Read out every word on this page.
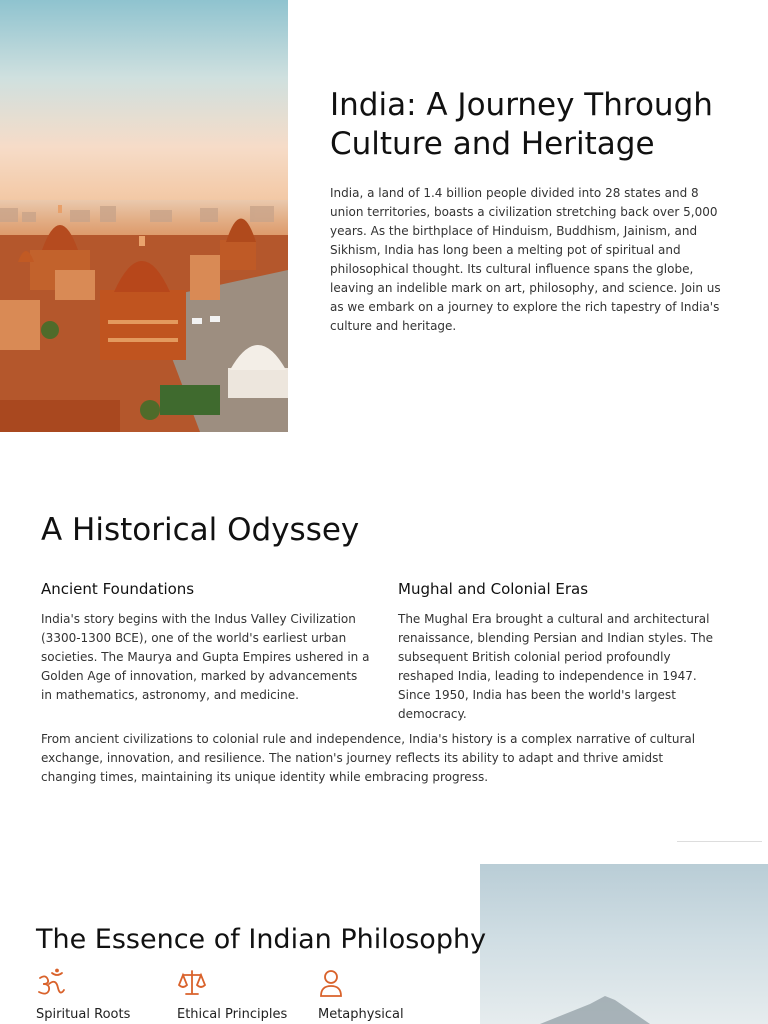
India: A Journey Through Culture and Heritage

India, a land of 1.4 billion people divided into 28 states and 8 union territories, boasts a civilization stretching back over 5,000 years. As the birthplace of Hinduism, Buddhism, Jainism, and Sikhism, India has long been a melting pot of spiritual and philosophical thought. Its cultural influence spans the globe, leaving an indelible mark on art, philosophy, and science. Join us as we embark on a journey to explore the rich tapestry of India's culture and heritage.

A Historical Odyssey
Ancient Foundations

India's story begins with the Indus Valley Civilization (3300-1300 BCE), one of the world's earliest urban societies. The Maurya and Gupta Empires ushered in a Golden Age of innovation, marked by advancements in mathematics, astronomy, and medicine.

Mughal and Colonial Eras

The Mughal Era brought a cultural and architectural renaissance, blending Persian and Indian styles. The subsequent British colonial period profoundly reshaped India, leading to independence in 1947. Since 1950, India has been the world's largest democracy.

From ancient civilizations to colonial rule and independence, India's history is a complex narrative of cultural exchange, innovation, and resilience. The nation's journey reflects its ability to adapt and thrive amidst changing times, maintaining its unique identity while embracing progress.

The Essence of Indian Philosophy
Spiritual Roots	Ethical Principles	Metaphysical
